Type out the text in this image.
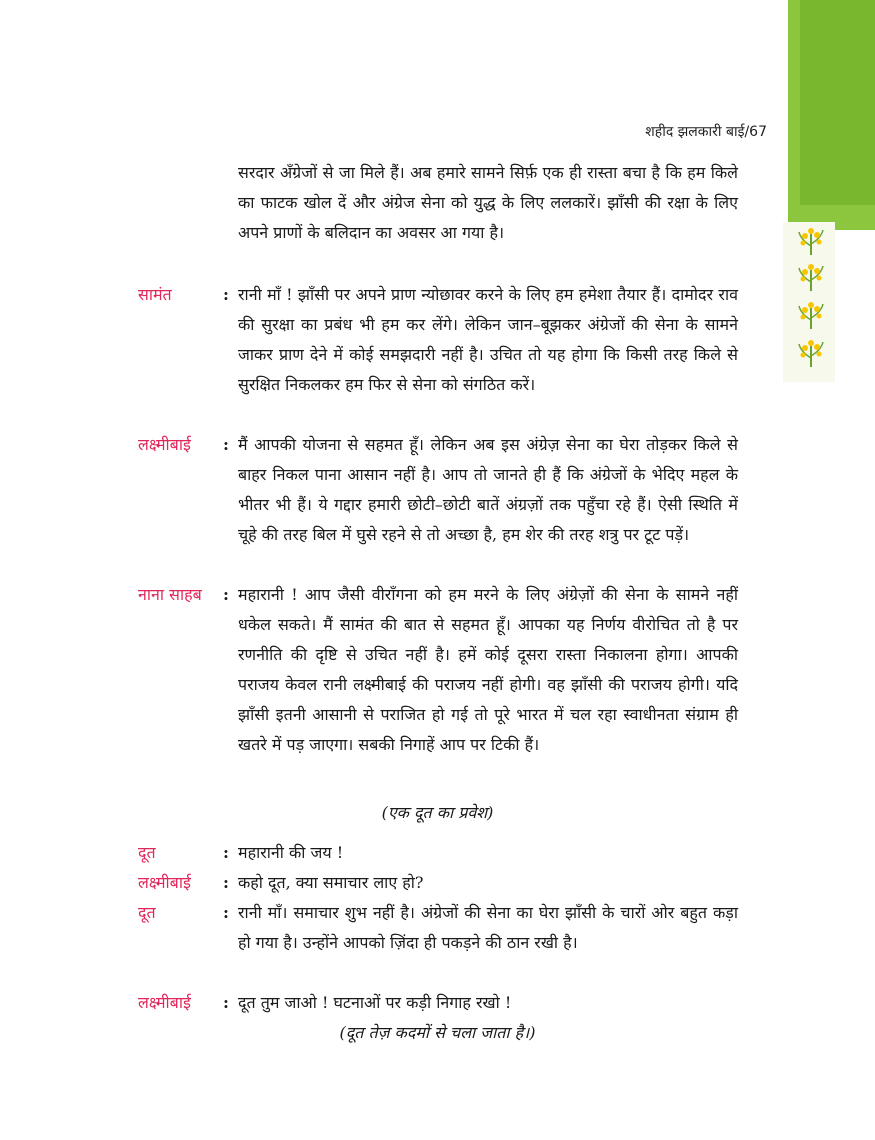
शहीद झलकारी बाई/67
सरदार अँग्रेजों से जा मिले हैं। अब हमारे सामने सिर्फ़ एक ही रास्ता बचा है कि हम किले का फाटक खोल दें और अंग्रेज सेना को युद्ध के लिए ललकारें। झाँसी की रक्षा के लिए अपने प्राणों के बलिदान का अवसर आ गया है।
सामंत	: रानी माँ ! झाँसी पर अपने प्राण न्योछावर करने के लिए हम हमेशा तैयार हैं। दामोदर राव की सुरक्षा का प्रबंध भी हम कर लेंगे। लेकिन जान–बूझकर अंग्रेजों की सेना के सामने जाकर प्राण देने में कोई समझदारी नहीं है। उचित तो यह होगा कि किसी तरह किले से सुरक्षित निकलकर हम फिर से सेना को संगठित करें।
लक्ष्मीबाई : मैं आपकी योजना से सहमत हूँ। लेकिन अब इस अंग्रेज़ सेना का घेरा तोड़कर किले से बाहर निकल पाना आसान नहीं है। आप तो जानते ही हैं कि अंग्रेजों के भेदिए महल के भीतर भी हैं। ये गद्दार हमारी छोटी–छोटी बातें अंग्रज़ों तक पहुँचा रहे हैं। ऐसी स्थिति में चूहे की तरह बिल में घुसे रहने से तो अच्छा है, हम शेर की तरह शत्रु पर टूट पड़ें।
नाना साहब : महारानी ! आप जैसी वीराँगना को हम मरने के लिए अंग्रेज़ों की सेना के सामने नहीं धकेल सकते। मैं सामंत की बात से सहमत हूँ। आपका यह निर्णय वीरोचित तो है पर रणनीति की दृष्टि से उचित नहीं है। हमें कोई दूसरा रास्ता निकालना होगा। आपकी पराजय केवल रानी लक्ष्मीबाई की पराजय नहीं होगी। वह झाँसी की पराजय होगी। यदि झाँसी इतनी आसानी से पराजित हो गई तो पूरे भारत में चल रहा स्वाधीनता संग्राम ही खतरे में पड़ जाएगा। सबकी निगाहें आप पर टिकी हैं।
(एक दूत का प्रवेश)
दूत	: महारानी की जय !
लक्ष्मीबाई : कहो दूत, क्या समाचार लाए हो?
दूत	: रानी माँ। समाचार शुभ नहीं है। अंग्रेजों की सेना का घेरा झाँसी के चारों ओर बहुत कड़ा हो गया है। उन्होंने आपको ज़िंदा ही पकड़ने की ठान रखी है।
लक्ष्मीबाई : दूत तुम जाओ ! घटनाओं पर कड़ी निगाह रखो !
(दूत तेज़ कदमों से चला जाता है।)
